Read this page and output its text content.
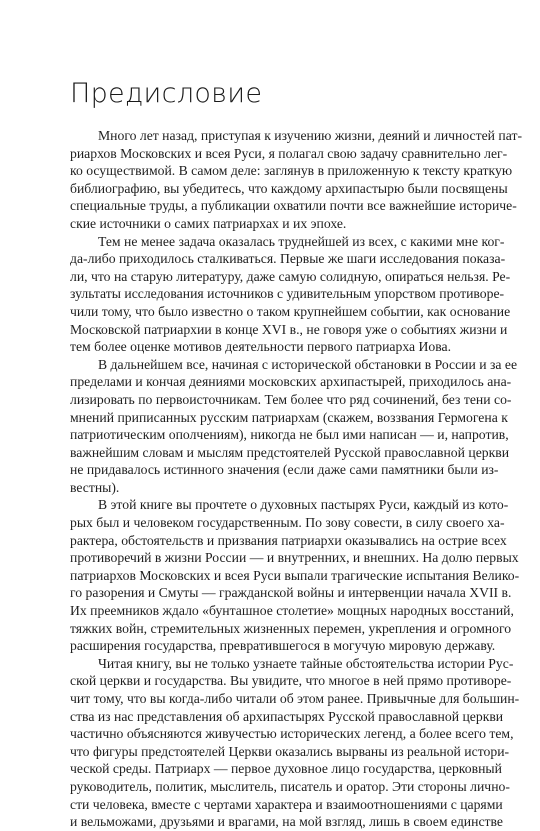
Предисловие

Много лет назад, приступая к изучению жизни, деяний и личностей пат-
риархов Московских и всея Руси, я полагал свою задачу сравнительно лег-
ко осуществимой. В самом деле: заглянув в приложенную к тексту краткую
библиографию, вы убедитесь, что каждому архипастырю были посвящены
специальные труды, а публикации охватили почти все важнейшие историче-
ские источники о самих патриархах и их эпохе.

Тем не менее задача оказалась труднейшей из всех, с какими мне ког-
да-либо приходилось сталкиваться. Первые же шаги исследования показа-
ли, что на старую литературу, даже самую солидную, опираться нельзя. Ре-
зультаты исследования источников с удивительным упорством противоре-
чили тому, что было известно о таком крупнейшем событии, как основание
Московской патриархии в конце XVI в., не говоря уже о событиях жизни и
тем более оценке мотивов деятельности первого патриарха Иова.

В дальнейшем все, начиная с исторической обстановки в России и за ее
пределами и кончая деяниями московских архипастырей, приходилось ана-
лизировать по первоисточникам. Тем более что ряд сочинений, без тени со-
мнений приписанных русским патриархам (скажем, воззвания Гермогена к
патриотическим ополчениям), никогда не был ими написан — и, напротив,
важнейшим словам и мыслям предстоятелей Русской православной церкви
не придавалось истинного значения (если даже сами памятники были из-
вестны).

В этой книге вы прочтете о духовных пастырях Руси, каждый из кото-
рых был и человеком государственным. По зову совести, в силу своего ха-
рактера, обстоятельств и призвания патриархи оказывались на острие всех
противоречий в жизни России — и внутренних, и внешних. На долю первых
патриархов Московских и всея Руси выпали трагические испытания Велико-
го разорения и Смуты — гражданской войны и интервенции начала XVII в.
Их преемников ждало «бунташное столетие» мощных народных восстаний,
тяжких войн, стремительных жизненных перемен, укрепления и огромного
расширения государства, превратившегося в могучую мировую державу.

Читая книгу, вы не только узнаете тайные обстоятельства истории Рус-
ской церкви и государства. Вы увидите, что многое в ней прямо противоре-
чит тому, что вы когда-либо читали об этом ранее. Привычные для большин-
ства из нас представления об архипастырях Русской православной церкви
частично объясняются живучестью исторических легенд, а более всего тем,
что фигуры предстоятелей Церкви оказались вырваны из реальной истори-
ческой среды. Патриарх — первое духовное лицо государства, церковный
руководитель, политик, мыслитель, писатель и оратор. Эти стороны лично-
сти человека, вместе с чертами характера и взаимоотношениями с царями
и вельможами, друзьями и врагами, на мой взгляд, лишь в своем единстве
